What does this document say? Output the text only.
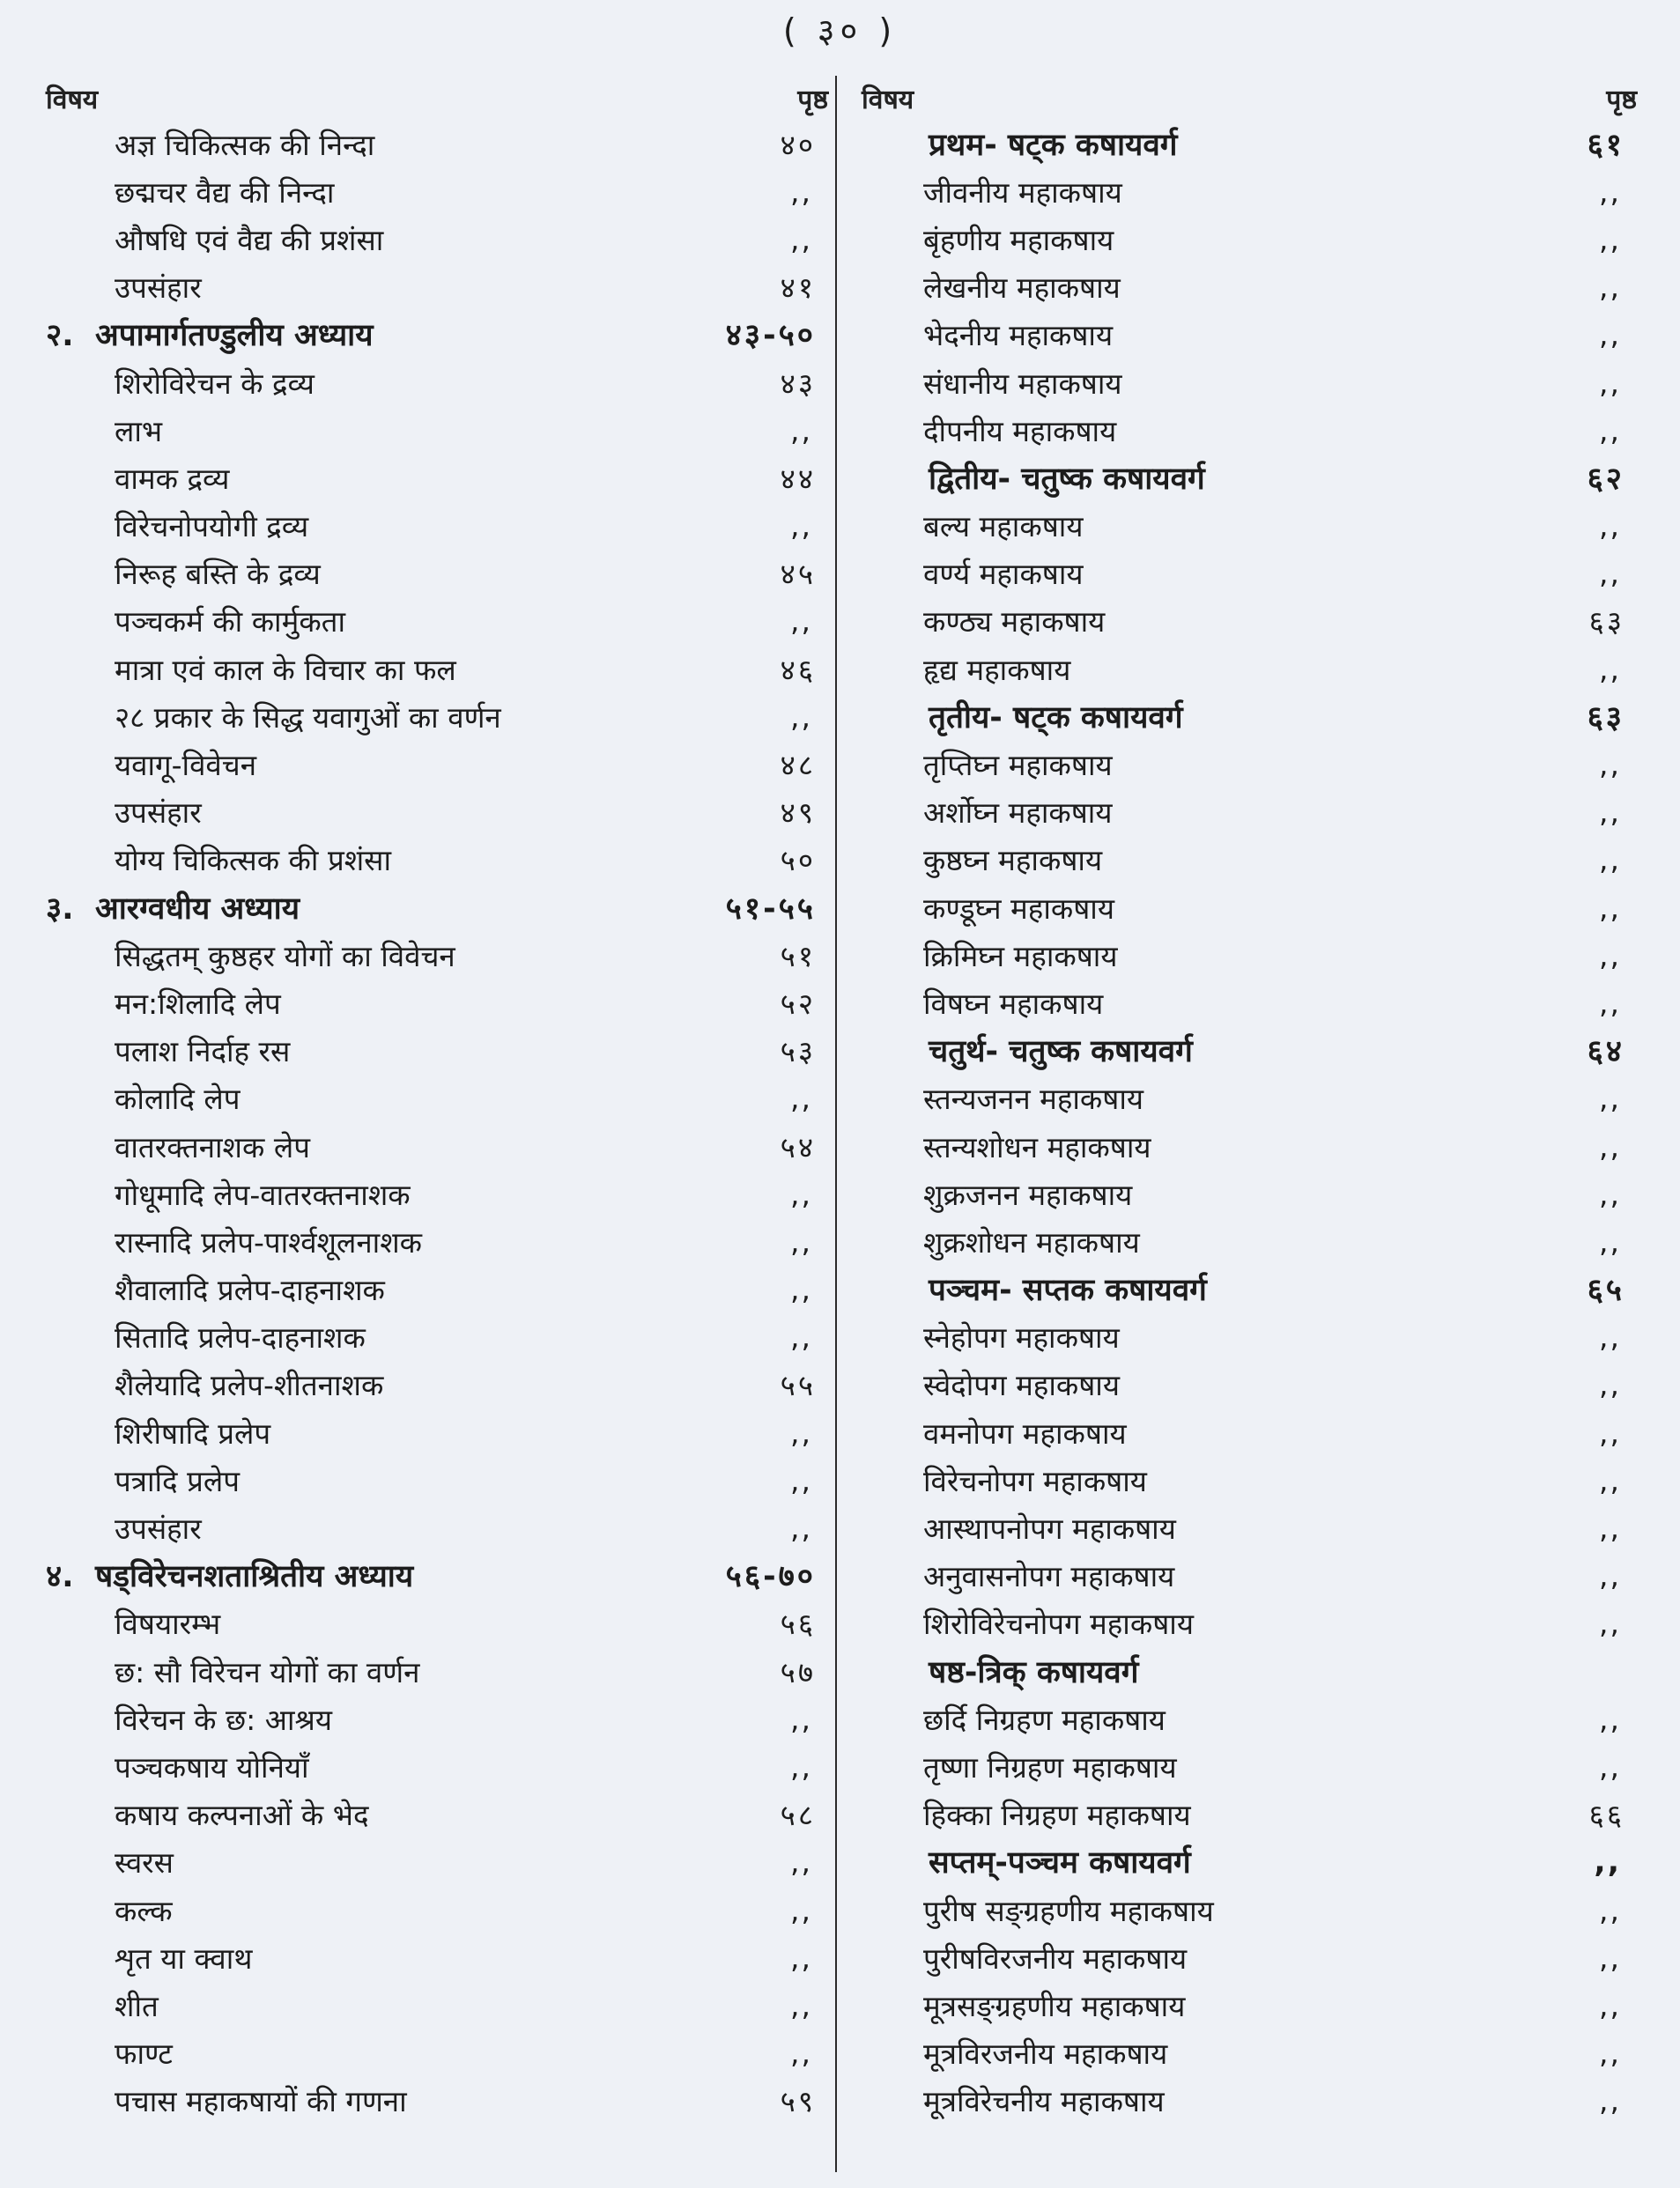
( ३० )
विषय	पृष्ठ
अज्ञ चिकित्सक की निन्दा	४०
छद्मचर वैद्य की निन्दा	,,
औषधि एवं वैद्य की प्रशंसा	,,
उपसंहार	४१
२. अपामार्गतण्डुलीय अध्याय	४३-५०
शिरोविरेचन के द्रव्य	४३
लाभ	,,
वामक द्रव्य	४४
विरेचनोपयोगी द्रव्य	,,
निरूह बस्ति के द्रव्य	४५
पञ्चकर्म की कार्मुकता	,,
मात्रा एवं काल के विचार का फल	४६
२८ प्रकार के सिद्ध यवागुओं का वर्णन	,,
यवागू-विवेचन	४८
उपसंहार	४९
योग्य चिकित्सक की प्रशंसा	५०
३. आरग्वधीय अध्याय	५१-५५
सिद्धतम् कुष्ठहर योगों का विवेचन	५१
मन:शिलादि लेप	५२
पलाश निर्दाह रस	५३
कोलादि लेप	,,
वातरक्तनाशक लेप	५४
गोधूमादि लेप-वातरक्तनाशक	,,
रास्नादि प्रलेप-पार्श्वशूलनाशक	,,
शैवालादि प्रलेप-दाहनाशक	,,
सितादि प्रलेप-दाहनाशक	,,
शैलेयादि प्रलेप-शीतनाशक	५५
शिरीषादि प्रलेप	,,
पत्रादि प्रलेप	,,
उपसंहार	,,
४. षड्विरेचनशताश्रितीय अध्याय	५६-७०
विषयारम्भ	५६
छ: सौ विरेचन योगों का वर्णन	५७
विरेचन के छ: आश्रय	,,
पञ्चकषाय योनियाँ	,,
कषाय कल्पनाओं के भेद	५८
स्वरस	,,
कल्क	,,
शृत या क्वाथ	,,
शीत	,,
फाण्ट	,,
पचास महाकषायों की गणना	५९
विषय	पृष्ठ
प्रथम- षट्क कषायवर्ग	६१
जीवनीय महाकषाय	,,
बृंहणीय महाकषाय	,,
लेखनीय महाकषाय	,,
भेदनीय महाकषाय	,,
संधानीय महाकषाय	,,
दीपनीय महाकषाय	,,
द्वितीय- चतुष्क कषायवर्ग	६२
बल्य महाकषाय	,,
वर्ण्य महाकषाय	,,
कण्ठ्य महाकषाय	६३
हृद्य महाकषाय	,,
तृतीय- षट्क कषायवर्ग	६३
तृप्तिघ्न महाकषाय	,,
अर्शोघ्न महाकषाय	,,
कुष्ठघ्न महाकषाय	,,
कण्डूघ्न महाकषाय	,,
क्रिमिघ्न महाकषाय	,,
विषघ्न महाकषाय	,,
चतुर्थ- चतुष्क कषायवर्ग	६४
स्तन्यजनन महाकषाय	,,
स्तन्यशोधन महाकषाय	,,
शुक्रजनन महाकषाय	,,
शुक्रशोधन महाकषाय	,,
पञ्चम- सप्तक कषायवर्ग	६५
स्नेहोपग महाकषाय	,,
स्वेदोपग महाकषाय	,,
वमनोपग महाकषाय	,,
विरेचनोपग महाकषाय	,,
आस्थापनोपग महाकषाय	,,
अनुवासनोपग महाकषाय	,,
शिरोविरेचनोपग महाकषाय	,,
षष्ठ-त्रिक् कषायवर्ग
छर्दि निग्रहण महाकषाय	,,
तृष्णा निग्रहण महाकषाय	,,
हिक्का निग्रहण महाकषाय	६६
सप्तम्-पञ्चम कषायवर्ग	,,
पुरीष सङ्ग्रहणीय महाकषाय	,,
पुरीषविरजनीय महाकषाय	,,
मूत्रसङ्ग्रहणीय महाकषाय	,,
मूत्रविरजनीय महाकषाय	,,
मूत्रविरेचनीय महाकषाय	,,
